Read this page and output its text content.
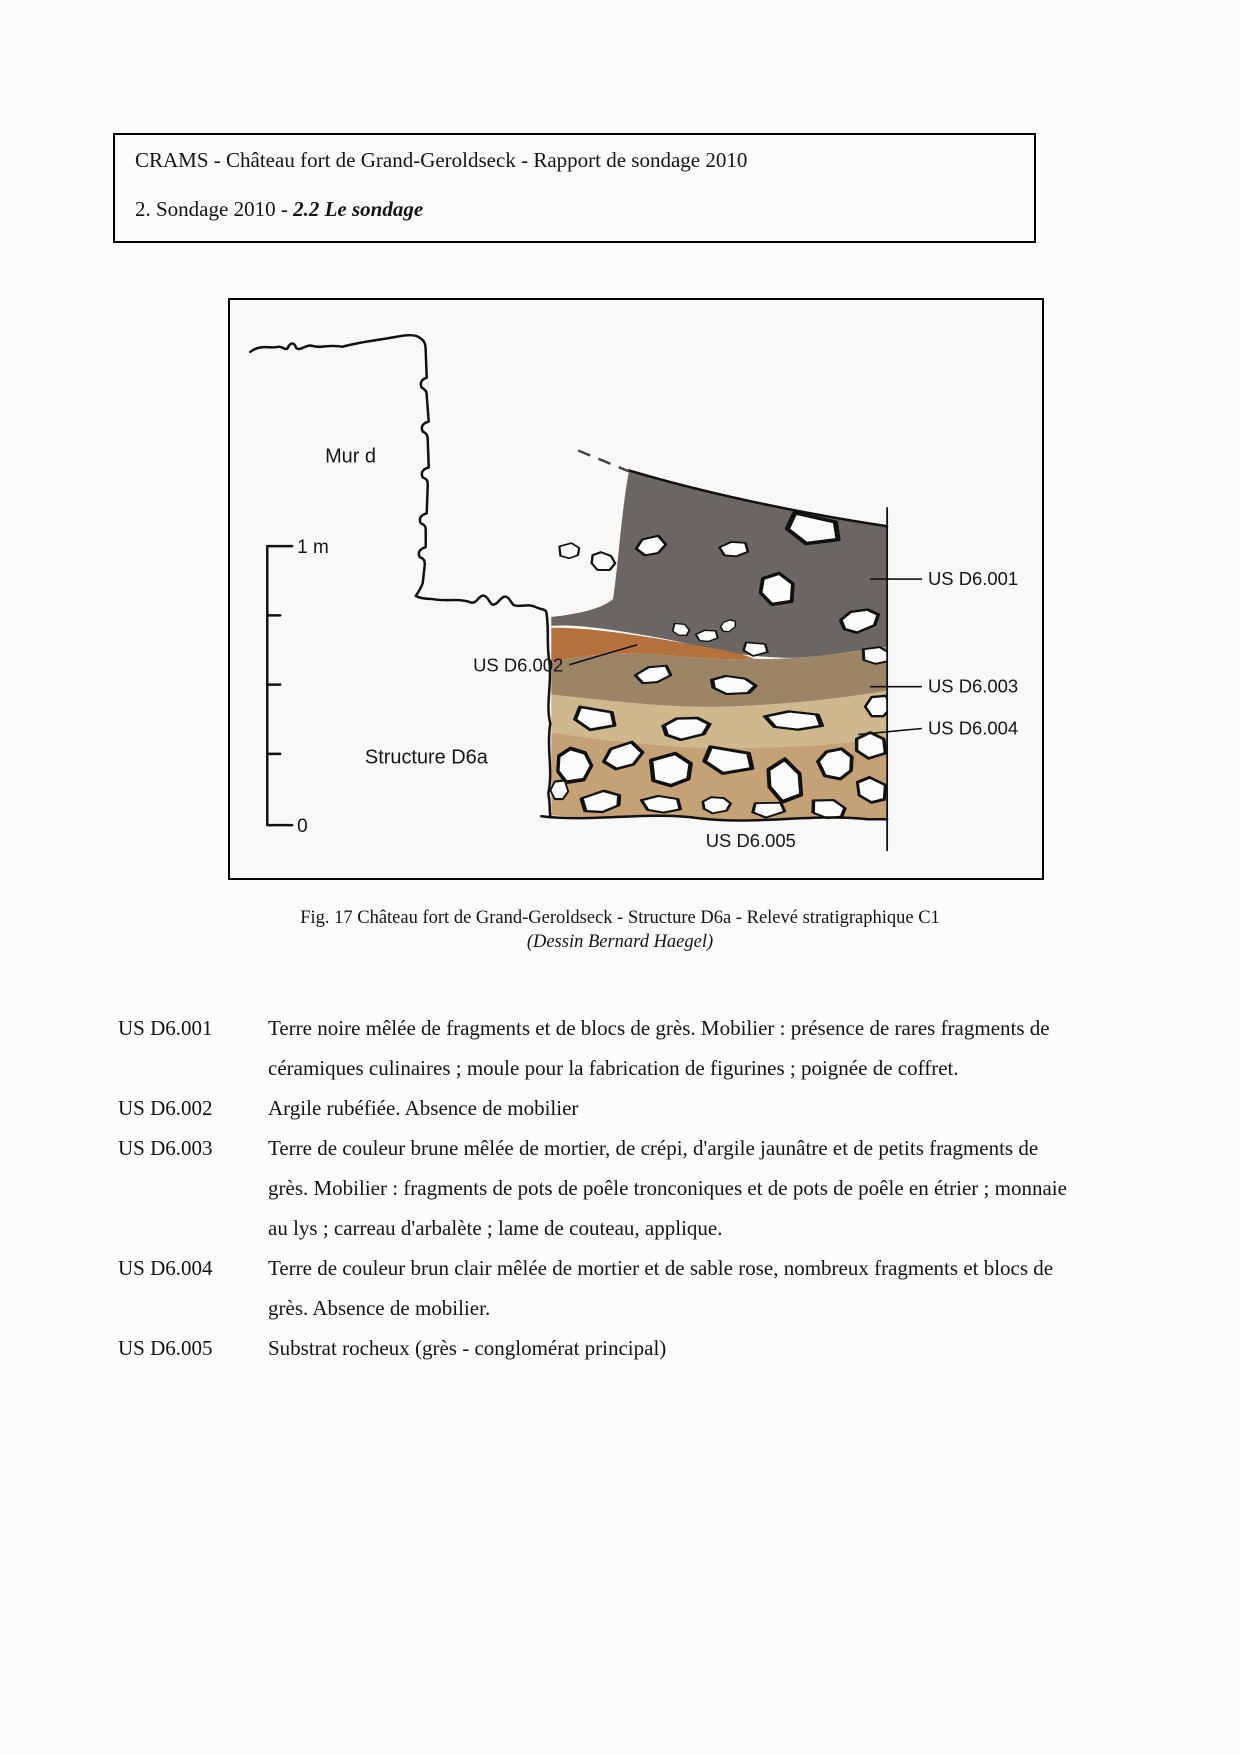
CRAMS - Château fort de Grand-Geroldseck - Rapport de sondage 2010
2. Sondage 2010 - 2.2 Le sondage
1 m
0
Mur d
US D6.001
US D6.002
US D6.003
US D6.004
US D6.005
Structure D6a
Fig. 17 Château fort de Grand-Geroldseck - Structure D6a - Relevé stratigraphique C1
(Dessin Bernard Haegel)
US D6.001	Terre noire mêlée de fragments et de blocs de grès. Mobilier : présence de rares fragments de céramiques culinaires ; moule pour la fabrication de figurines ; poignée de coffret.
US D6.002	Argile rubéfiée. Absence de mobilier
US D6.003	Terre de couleur brune mêlée de mortier, de crépi, d'argile jaunâtre et de petits fragments de grès. Mobilier : fragments de pots de poêle tronconiques et de pots de poêle en étrier ; monnaie au lys ; carreau d'arbalète ; lame de couteau, applique.
US D6.004	Terre de couleur brun clair mêlée de mortier et de sable rose, nombreux fragments et blocs de grès. Absence de mobilier.
US D6.005	Substrat rocheux (grès - conglomérat principal)
